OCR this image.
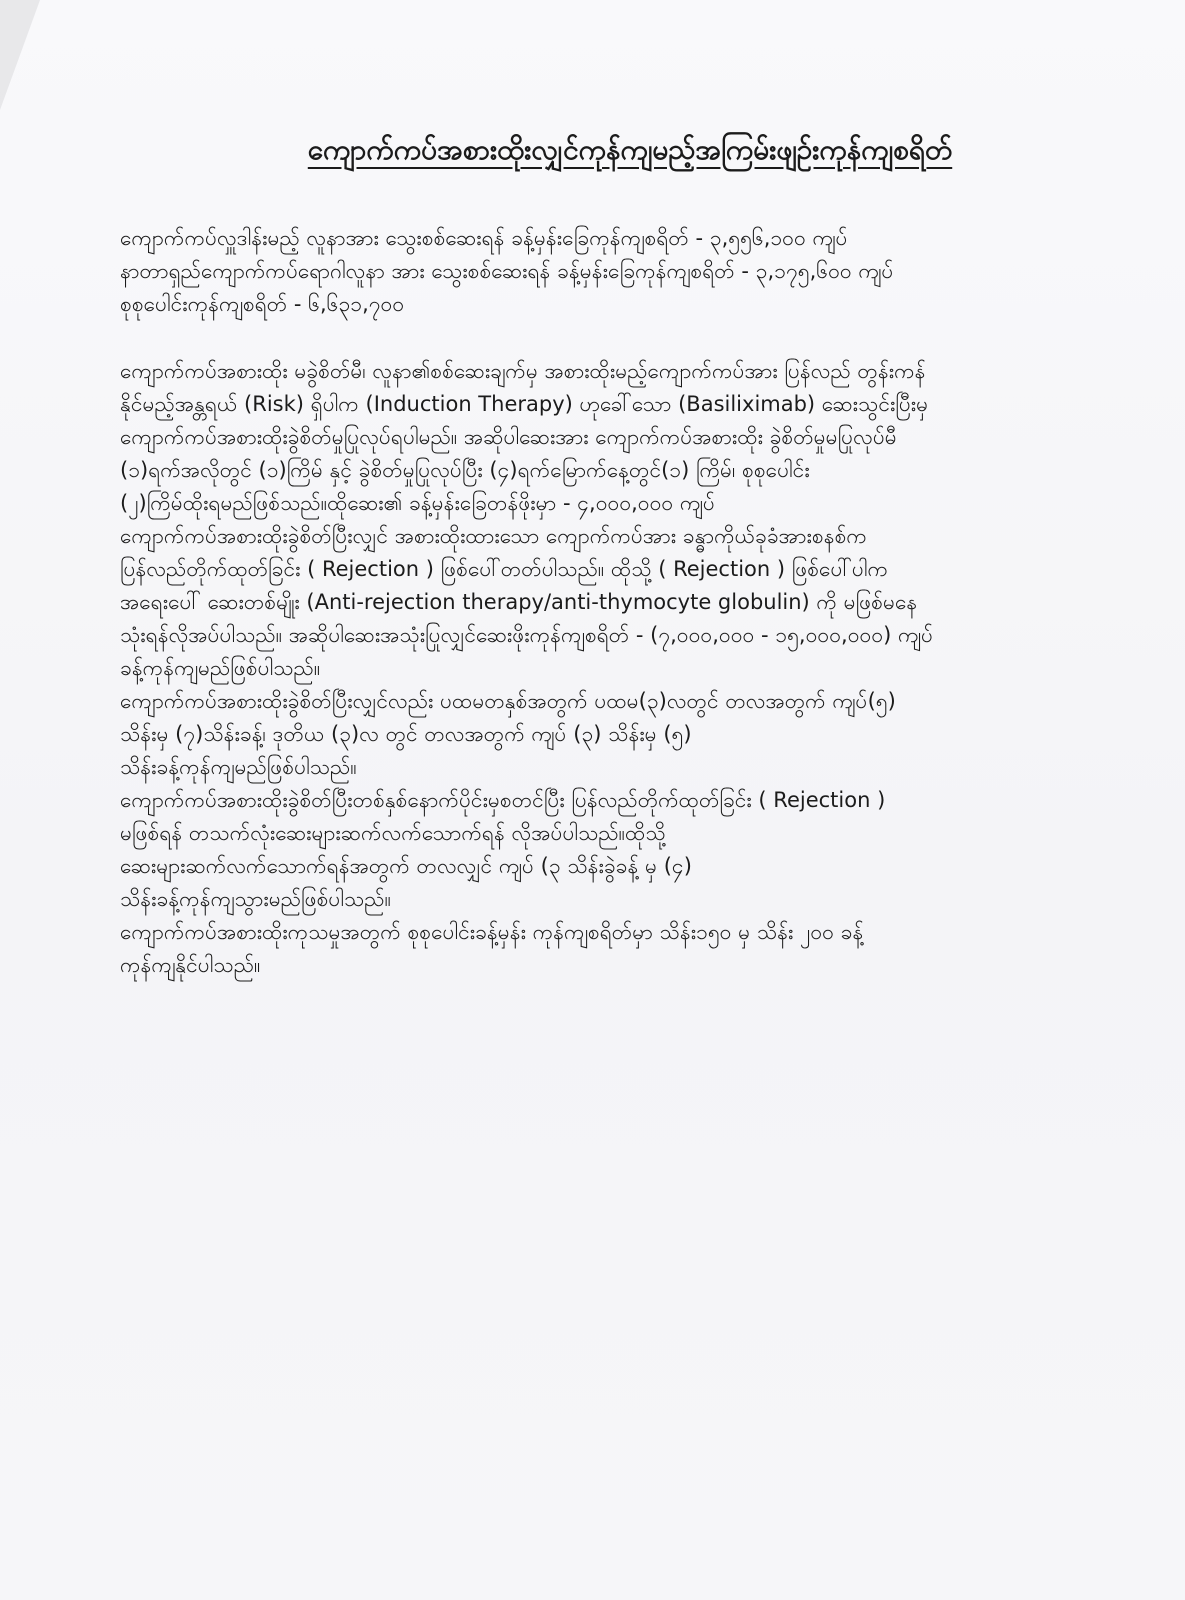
ကျောက်ကပ်အစားထိုးလျှင်ကုန်ကျမည့်အကြမ်းဖျဉ်းကုန်ကျစရိတ်
ကျောက်ကပ်လှူဒါန်းမည့် လူနာအား သွေးစစ်ဆေးရန် ခန့်မှန်းခြေကုန်ကျစရိတ် - ၃,၅၅၆,၁၀၀ ကျပ်
နာတာရှည်ကျောက်ကပ်ရောဂါလူနာ အား သွေးစစ်ဆေးရန် ခန့်မှန်းခြေကုန်ကျစရိတ် - ၃,၁၇၅,၆၀၀ ကျပ်
စုစုပေါင်းကုန်ကျစရိတ် - ၆,၆၃၁,၇၀၀
ကျောက်ကပ်အစားထိုး မခွဲစိတ်မီ၊ လူနာ၏စစ်ဆေးချက်မှ အစားထိုးမည့်ကျောက်ကပ်အား ပြန်လည် တွန်းကန်
နိုင်မည့်အန္တရယ် (Risk) ရှိပါက (Induction Therapy) ဟုခေါ်သော (Basiliximab) ဆေးသွင်းပြီးမှ
ကျောက်ကပ်အစားထိုးခွဲစိတ်မှုပြုလုပ်ရပါမည်။ အဆိုပါဆေးအား ကျောက်ကပ်အစားထိုး ခွဲစိတ်မှုမပြုလုပ်မီ
(၁)ရက်အလိုတွင် (၁)ကြိမ် နှင့် ခွဲစိတ်မှုပြုလုပ်ပြီး (၄)ရက်မြောက်နေ့တွင်(၁) ကြိမ်၊ စုစုပေါင်း
(၂)ကြိမ်ထိုးရမည်ဖြစ်သည်။ထိုဆေး၏ ခန့်မှန်းခြေတန်ဖိုးမှာ - ၄,၀၀၀,၀၀၀ ကျပ်
ကျောက်ကပ်အစားထိုးခွဲစိတ်ပြီးလျှင် အစားထိုးထားသော ကျောက်ကပ်အား ခန္ဓာကိုယ်ခုခံအားစနစ်က
ပြန်လည်တိုက်ထုတ်ခြင်း ( Rejection ) ဖြစ်ပေါ်တတ်ပါသည်။ ထိုသို့ ( Rejection ) ဖြစ်ပေါ်ပါက
အရေးပေါ် ဆေးတစ်မျိုး (Anti-rejection therapy/anti-thymocyte globulin) ကို မဖြစ်မနေ
သုံးရန်လိုအပ်ပါသည်။ အဆိုပါဆေးအသုံးပြုလျှင်ဆေးဖိုးကုန်ကျစရိတ် - (၇,၀၀၀,၀၀၀ - ၁၅,၀၀၀,၀၀၀) ကျပ်
ခန့်ကုန်ကျမည်ဖြစ်ပါသည်။
ကျောက်ကပ်အစားထိုးခွဲစိတ်ပြီးလျှင်လည်း ပထမတနှစ်အတွက် ပထမ(၃)လတွင် တလအတွက် ကျပ်(၅)
သိန်းမှ (၇)သိန်းခန့်၊ ဒုတိယ (၃)လ တွင် တလအတွက် ကျပ် (၃) သိန်းမှ (၅)
သိန်းခန့်ကုန်ကျမည်ဖြစ်ပါသည်။
ကျောက်ကပ်အစားထိုးခွဲစိတ်ပြီးတစ်နှစ်နောက်ပိုင်းမှစတင်ပြီး ပြန်လည်တိုက်ထုတ်ခြင်း ( Rejection )
မဖြစ်ရန် တသက်လုံးဆေးများဆက်လက်သောက်ရန် လိုအပ်ပါသည်။ထိုသို့
ဆေးများဆက်လက်သောက်ရန်အတွက် တလလျှင် ကျပ် (၃ သိန်းခွဲခန့် မှ (၄)
သိန်းခန့်ကုန်ကျသွားမည်ဖြစ်ပါသည်။
ကျောက်ကပ်အစားထိုးကုသမှုအတွက် စုစုပေါင်းခန့်မှန်း ကုန်ကျစရိတ်မှာ သိန်း၁၅၀ မှ သိန်း ၂၀၀ ခန့်
ကုန်ကျနိုင်ပါသည်။
